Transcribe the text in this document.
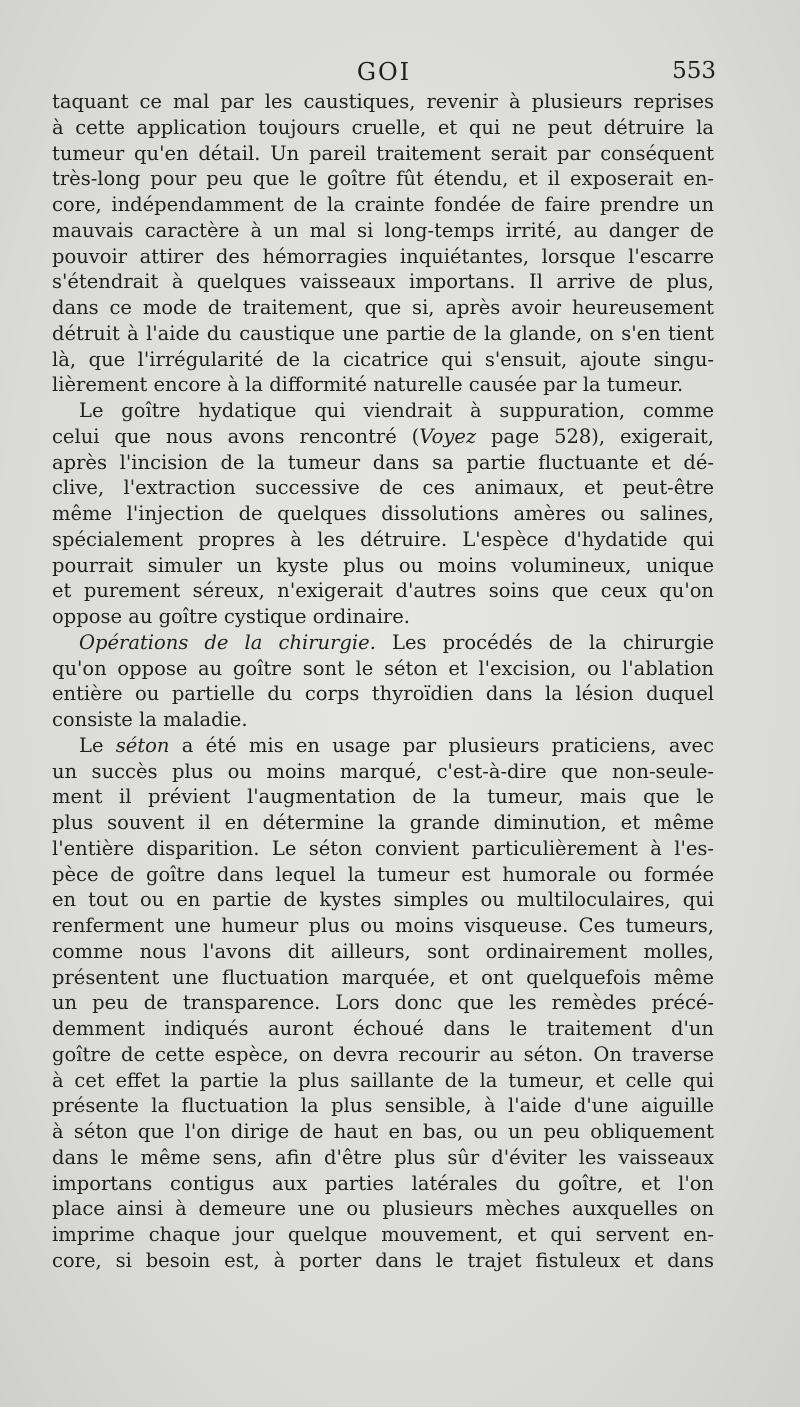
GOI	553
taquant ce mal par les caustiques, revenir à plusieurs reprises
à cette application toujours cruelle, et qui ne peut détruire la
tumeur qu'en détail. Un pareil traitement serait par conséquent
très-long pour peu que le goître fût étendu, et il exposerait en-
core, indépendamment de la crainte fondée de faire prendre un
mauvais caractère à un mal si long-temps irrité, au danger de
pouvoir attirer des hémorragies inquiétantes, lorsque l'escarre
s'étendrait à quelques vaisseaux importans. Il arrive de plus,
dans ce mode de traitement, que si, après avoir heureusement
détruit à l'aide du caustique une partie de la glande, on s'en tient
là, que l'irrégularité de la cicatrice qui s'ensuit, ajoute singu-
lièrement encore à la difformité naturelle causée par la tumeur.
Le goître hydatique qui viendrait à suppuration, comme
celui que nous avons rencontré (Voyez page 528), exigerait,
après l'incision de la tumeur dans sa partie fluctuante et dé-
clive, l'extraction successive de ces animaux, et peut-être
même l'injection de quelques dissolutions amères ou salines,
spécialement propres à les détruire. L'espèce d'hydatide qui
pourrait simuler un kyste plus ou moins volumineux, unique
et purement séreux, n'exigerait d'autres soins que ceux qu'on
oppose au goître cystique ordinaire.
Opérations de la chirurgie. Les procédés de la chirurgie
qu'on oppose au goître sont le séton et l'excision, ou l'ablation
entière ou partielle du corps thyroïdien dans la lésion duquel
consiste la maladie.
Le séton a été mis en usage par plusieurs praticiens, avec
un succès plus ou moins marqué, c'est-à-dire que non-seule-
ment il prévient l'augmentation de la tumeur, mais que le
plus souvent il en détermine la grande diminution, et même
l'entière disparition. Le séton convient particulièrement à l'es-
pèce de goître dans lequel la tumeur est humorale ou formée
en tout ou en partie de kystes simples ou multiloculaires, qui
renferment une humeur plus ou moins visqueuse. Ces tumeurs,
comme nous l'avons dit ailleurs, sont ordinairement molles,
présentent une fluctuation marquée, et ont quelquefois même
un peu de transparence. Lors donc que les remèdes précé-
demment indiqués auront échoué dans le traitement d'un
goître de cette espèce, on devra recourir au séton. On traverse
à cet effet la partie la plus saillante de la tumeur, et celle qui
présente la fluctuation la plus sensible, à l'aide d'une aiguille
à séton que l'on dirige de haut en bas, ou un peu obliquement
dans le même sens, afin d'être plus sûr d'éviter les vaisseaux
importans contigus aux parties latérales du goître, et l'on
place ainsi à demeure une ou plusieurs mèches auxquelles on
imprime chaque jour quelque mouvement, et qui servent en-
core, si besoin est, à porter dans le trajet fistuleux et dans
